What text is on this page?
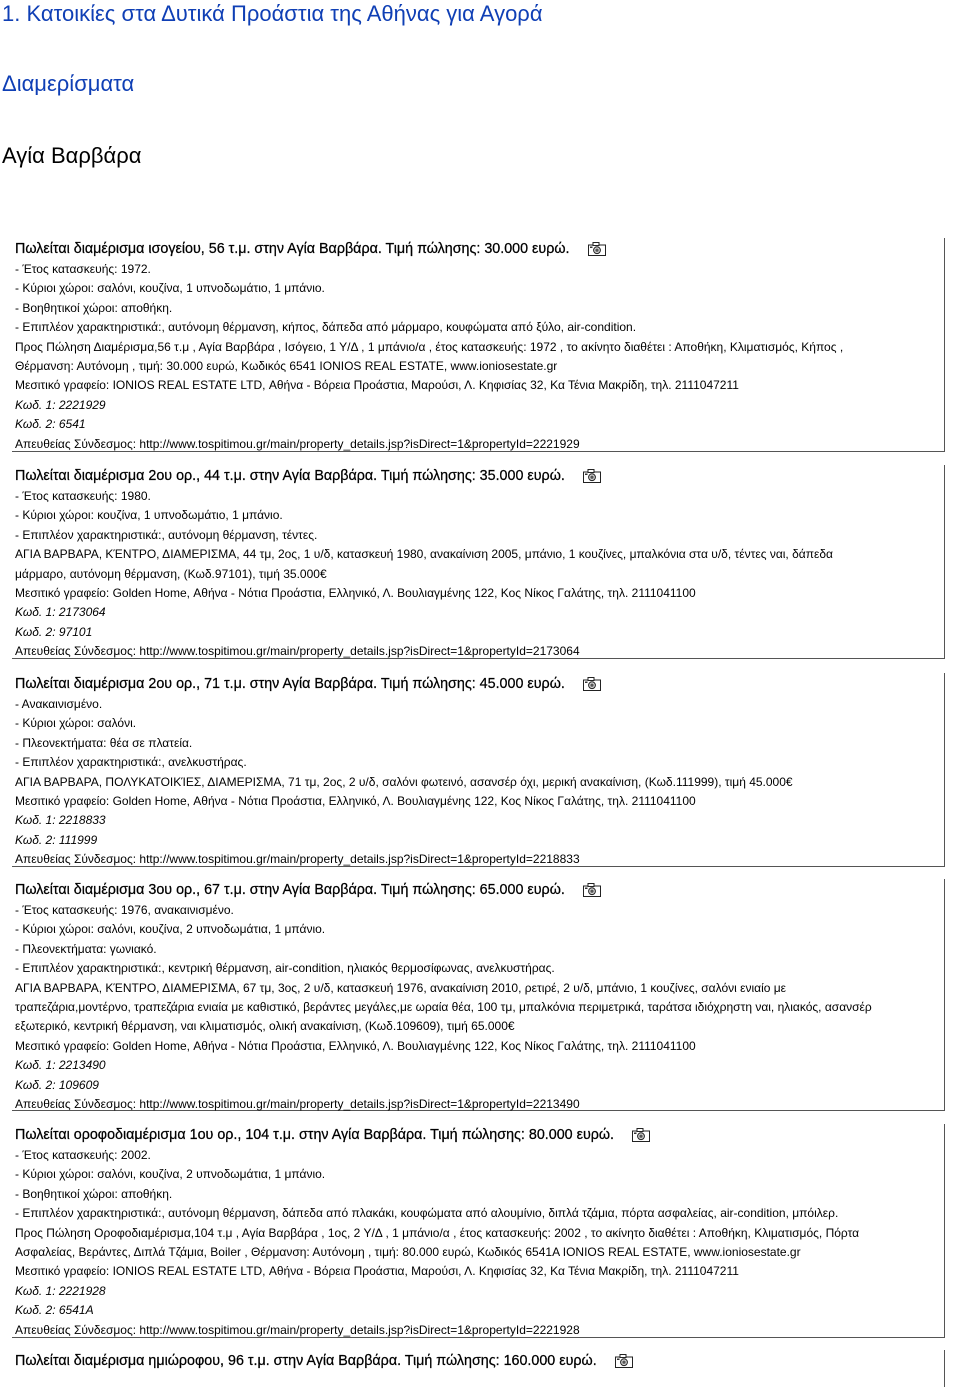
1. Κατοικίες στα Δυτικά Προάστια της Αθήνας για Αγορά
Διαμερίσματα
Αγία Βαρβάρα
Πωλείται διαμέρισμα ισογείου, 56 τ.μ. στην Αγία Βαρβάρα. Τιμή πώλησης: 30.000 ευρώ.
- Έτος κατασκευής: 1972.
- Κύριοι χώροι: σαλόνι, κουζίνα, 1 υπνοδωμάτιο, 1 μπάνιο.
- Βοηθητικοί χώροι: αποθήκη.
- Επιπλέον χαρακτηριστικά:, αυτόνομη θέρμανση, κήπος, δάπεδα από μάρμαρο, κουφώματα από ξύλο, air-condition.
Προς Πώληση Διαμέρισμα,56 τ.μ , Αγία Βαρβάρα , Ισόγειο, 1 Υ/Δ , 1 μπάνιο/α , έτος κατασκευής: 1972 , το ακίνητο διαθέτει : Αποθήκη, Κλιματισμός, Κήπος ,
Θέρμανση: Αυτόνομη , τιμή: 30.000 ευρώ, Κωδικός 6541 IONIOS REAL ESTATE, www.ioniosestate.gr
Μεσιτικό γραφείο: IONIOS REAL ESTATE LTD, Αθήνα - Βόρεια Προάστια, Μαρούσι, Λ. Κηφισίας 32, Κα Τένια Μακρίδη, τηλ. 2111047211
Κωδ. 1: 2221929
Κωδ. 2: 6541
Απευθείας Σύνδεσμος: http://www.tospitimou.gr/main/property_details.jsp?isDirect=1&propertyId=2221929
Πωλείται διαμέρισμα 2ου ορ., 44 τ.μ. στην Αγία Βαρβάρα. Τιμή πώλησης: 35.000 ευρώ.
- Έτος κατασκευής: 1980.
- Κύριοι χώροι: κουζίνα, 1 υπνοδωμάτιο, 1 μπάνιο.
- Επιπλέον χαρακτηριστικά:, αυτόνομη θέρμανση, τέντες.
ΑΓΙΑ ΒΑΡΒΑΡΑ, ΚΈΝΤΡΟ, ΔΙΑΜΕΡΙΣΜΑ, 44 τμ, 2ος, 1 υ/δ, κατασκευή 1980, ανακαίνιση 2005, μπάνιο, 1 κουζίνες, μπαλκόνια στα υ/δ, τέντες ναι, δάπεδα
μάρμαρο, αυτόνομη θέρμανση, (Κωδ.97101), τιμή 35.000€
Μεσιτικό γραφείο: Golden Home, Αθήνα - Νότια Προάστια, Ελληνικό, Λ. Βουλιαγμένης 122, Κος Νίκος Γαλάτης, τηλ. 2111041100
Κωδ. 1: 2173064
Κωδ. 2: 97101
Απευθείας Σύνδεσμος: http://www.tospitimou.gr/main/property_details.jsp?isDirect=1&propertyId=2173064
Πωλείται διαμέρισμα 2ου ορ., 71 τ.μ. στην Αγία Βαρβάρα. Τιμή πώλησης: 45.000 ευρώ.
- Ανακαινισμένο.
- Κύριοι χώροι: σαλόνι.
- Πλεονεκτήματα: θέα σε πλατεία.
- Επιπλέον χαρακτηριστικά:, ανελκυστήρας.
ΑΓΙΑ ΒΑΡΒΑΡΑ, ΠΟΛΥΚΑΤΟΙΚΊΕΣ, ΔΙΑΜΕΡΙΣΜΑ, 71 τμ, 2ος, 2 υ/δ, σαλόνι φωτεινό, ασανσέρ όχι, μερική ανακαίνιση, (Κωδ.111999), τιμή 45.000€
Μεσιτικό γραφείο: Golden Home, Αθήνα - Νότια Προάστια, Ελληνικό, Λ. Βουλιαγμένης 122, Κος Νίκος Γαλάτης, τηλ. 2111041100
Κωδ. 1: 2218833
Κωδ. 2: 111999
Απευθείας Σύνδεσμος: http://www.tospitimou.gr/main/property_details.jsp?isDirect=1&propertyId=2218833
Πωλείται διαμέρισμα 3ου ορ., 67 τ.μ. στην Αγία Βαρβάρα. Τιμή πώλησης: 65.000 ευρώ.
- Έτος κατασκευής: 1976, ανακαινισμένο.
- Κύριοι χώροι: σαλόνι, κουζίνα, 2 υπνοδωμάτια, 1 μπάνιο.
- Πλεονεκτήματα: γωνιακό.
- Επιπλέον χαρακτηριστικά:, κεντρική θέρμανση, air-condition, ηλιακός θερμοσίφωνας, ανελκυστήρας.
ΑΓΙΑ ΒΑΡΒΑΡΑ, ΚΈΝΤΡΟ, ΔΙΑΜΕΡΙΣΜΑ, 67 τμ, 3ος, 2 υ/δ, κατασκευή 1976, ανακαίνιση 2010, ρετιρέ, 2 υ/δ, μπάνιο, 1 κουζίνες, σαλόνι ενιαίο με
τραπεζάρια,μοντέρνο, τραπεζάρια ενιαία με καθιστικό, βεράντες μεγάλες,με ωραία θέα, 100 τμ, μπαλκόνια περιμετρικά, ταράτσα ιδιόχρηστη ναι, ηλιακός, ασανσέρ
εξωτερικό, κεντρική θέρμανση, ναι κλιματισμός, ολική ανακαίνιση, (Κωδ.109609), τιμή 65.000€
Μεσιτικό γραφείο: Golden Home, Αθήνα - Νότια Προάστια, Ελληνικό, Λ. Βουλιαγμένης 122, Κος Νίκος Γαλάτης, τηλ. 2111041100
Κωδ. 1: 2213490
Κωδ. 2: 109609
Απευθείας Σύνδεσμος: http://www.tospitimou.gr/main/property_details.jsp?isDirect=1&propertyId=2213490
Πωλείται οροφοδιαμέρισμα 1ου ορ., 104 τ.μ. στην Αγία Βαρβάρα. Τιμή πώλησης: 80.000 ευρώ.
- Έτος κατασκευής: 2002.
- Κύριοι χώροι: σαλόνι, κουζίνα, 2 υπνοδωμάτια, 1 μπάνιο.
- Βοηθητικοί χώροι: αποθήκη.
- Επιπλέον χαρακτηριστικά:, αυτόνομη θέρμανση, δάπεδα από πλακάκι, κουφώματα από αλουμίνιο, διπλά τζάμια, πόρτα ασφαλείας, air-condition, μπόιλερ.
Προς Πώληση Οροφοδιαμέρισμα,104 τ.μ , Αγία Βαρβάρα , 1ος, 2 Υ/Δ , 1 μπάνιο/α , έτος κατασκευής: 2002 , το ακίνητο διαθέτει : Αποθήκη, Κλιματισμός, Πόρτα
Ασφαλείας, Βεράντες, Διπλά Τζάμια, Boiler , Θέρμανση: Αυτόνομη , τιμή: 80.000 ευρώ, Κωδικός 6541Α IONIOS REAL ESTATE, www.ioniosestate.gr
Μεσιτικό γραφείο: IONIOS REAL ESTATE LTD, Αθήνα - Βόρεια Προάστια, Μαρούσι, Λ. Κηφισίας 32, Κα Τένια Μακρίδη, τηλ. 2111047211
Κωδ. 1: 2221928
Κωδ. 2: 6541Α
Απευθείας Σύνδεσμος: http://www.tospitimou.gr/main/property_details.jsp?isDirect=1&propertyId=2221928
Πωλείται διαμέρισμα ημιώροφου, 96 τ.μ. στην Αγία Βαρβάρα. Τιμή πώλησης: 160.000 ευρώ.
